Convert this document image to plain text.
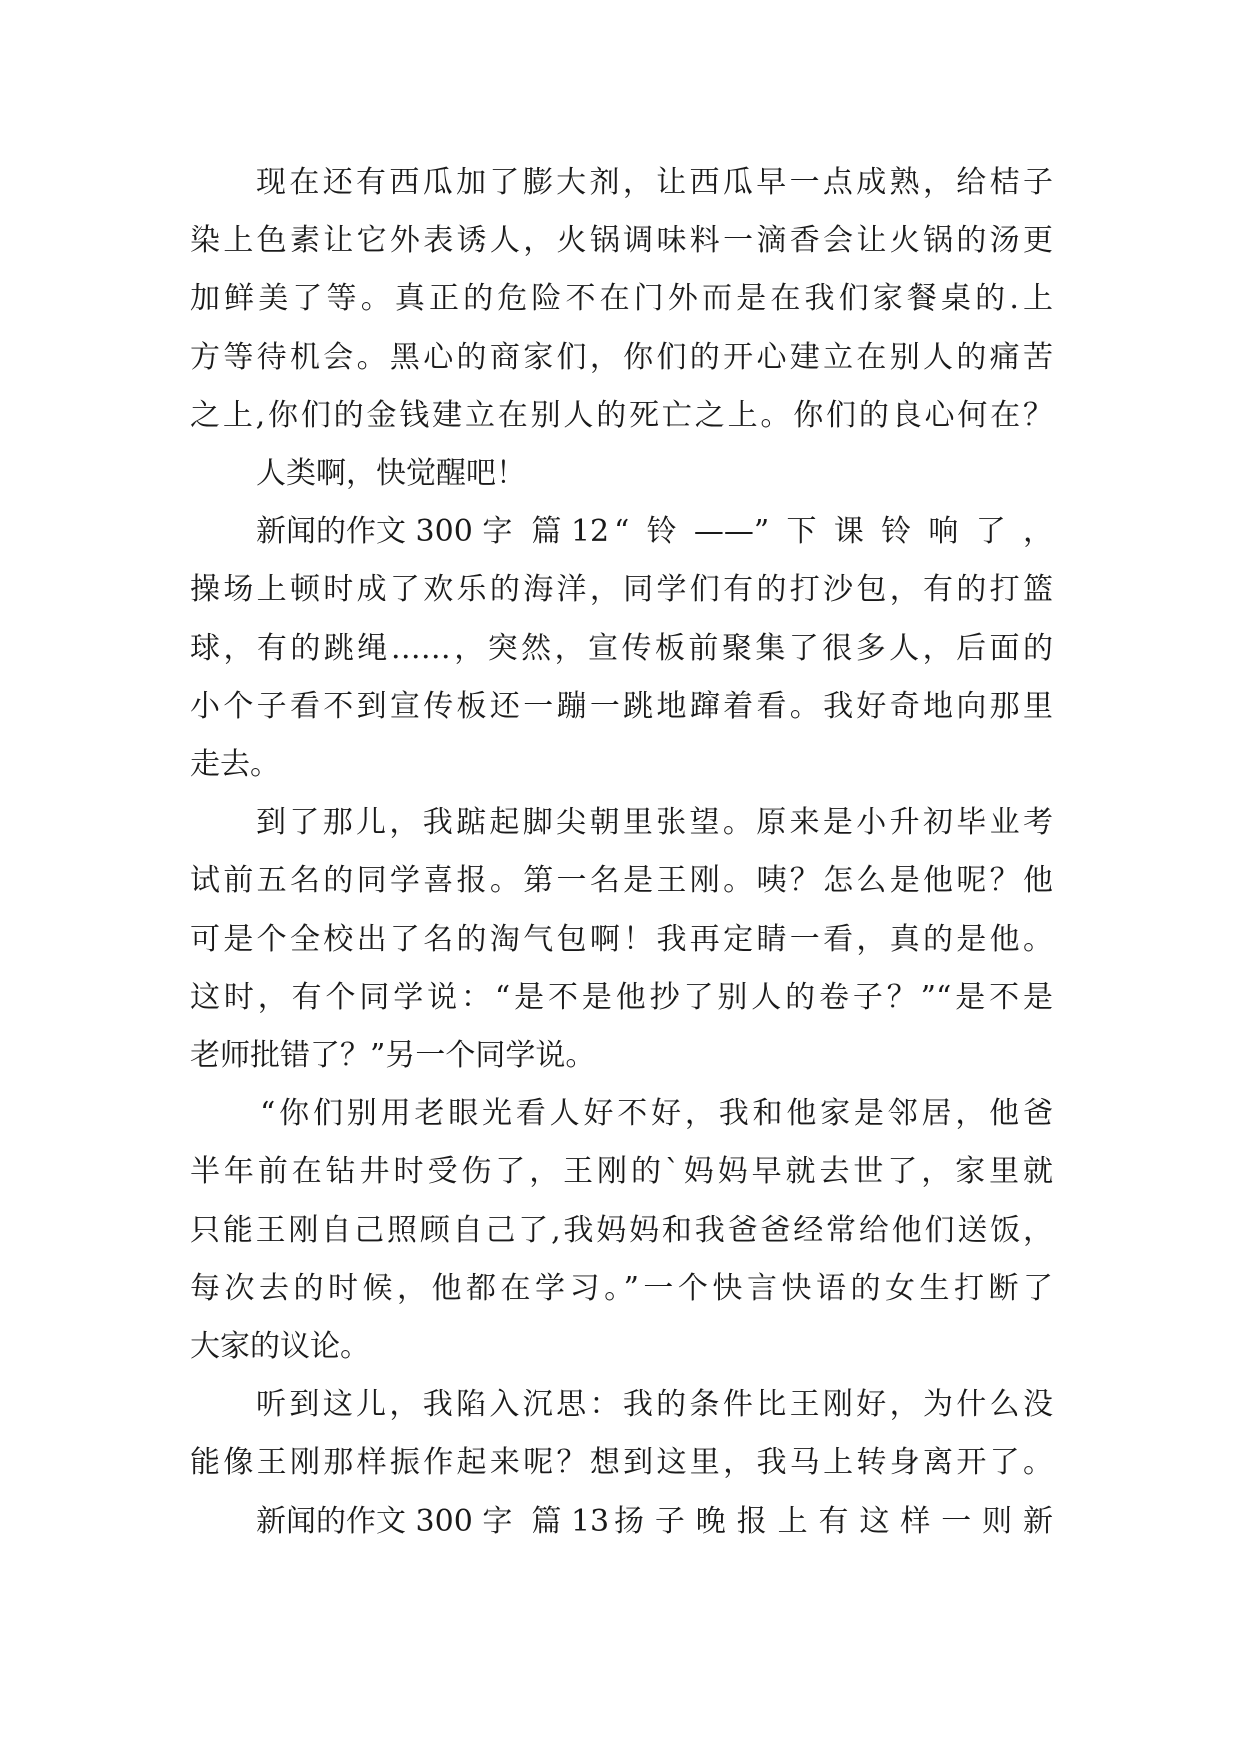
现在还有西瓜加了膨大剂，让西瓜早一点成熟，给桔子
染上色素让它外表诱人，火锅调味料一滴香会让火锅的汤更
加鲜美了等。真正的危险不在门外而是在我们家餐桌的.上
方等待机会。黑心的商家们，你们的开心建立在别人的痛苦
之上,你们的金钱建立在别人的死亡之上。你们的良心何在？
人类啊，快觉醒吧！
新闻的作文 300 字  篇 12 “铃——”下课铃响了，
操场上顿时成了欢乐的海洋，同学们有的打沙包，有的打篮
球，有的跳绳……，突然，宣传板前聚集了很多人，后面的
小个子看不到宣传板还一蹦一跳地蹿着看。我好奇地向那里
走去。
到了那儿，我踮起脚尖朝里张望。原来是小升初毕业考
试前五名的同学喜报。第一名是王刚。咦？怎么是他呢？他
可是个全校出了名的淘气包啊！我再定睛一看，真的是他。
这时，有个同学说：“是不是他抄了别人的卷子？”“是不是
老师批错了？”另一个同学说。
“你们别用老眼光看人好不好，我和他家是邻居，他爸
半年前在钻井时受伤了，王刚的`妈妈早就去世了，家里就
只能王刚自己照顾自己了,我妈妈和我爸爸经常给他们送饭，
每次去的时候，他都在学习。”一个快言快语的女生打断了
大家的议论。
听到这儿，我陷入沉思：我的条件比王刚好，为什么没
能像王刚那样振作起来呢？想到这里，我马上转身离开了。
新闻的作文 300 字  篇 13 扬子晚报上有这样一则新
